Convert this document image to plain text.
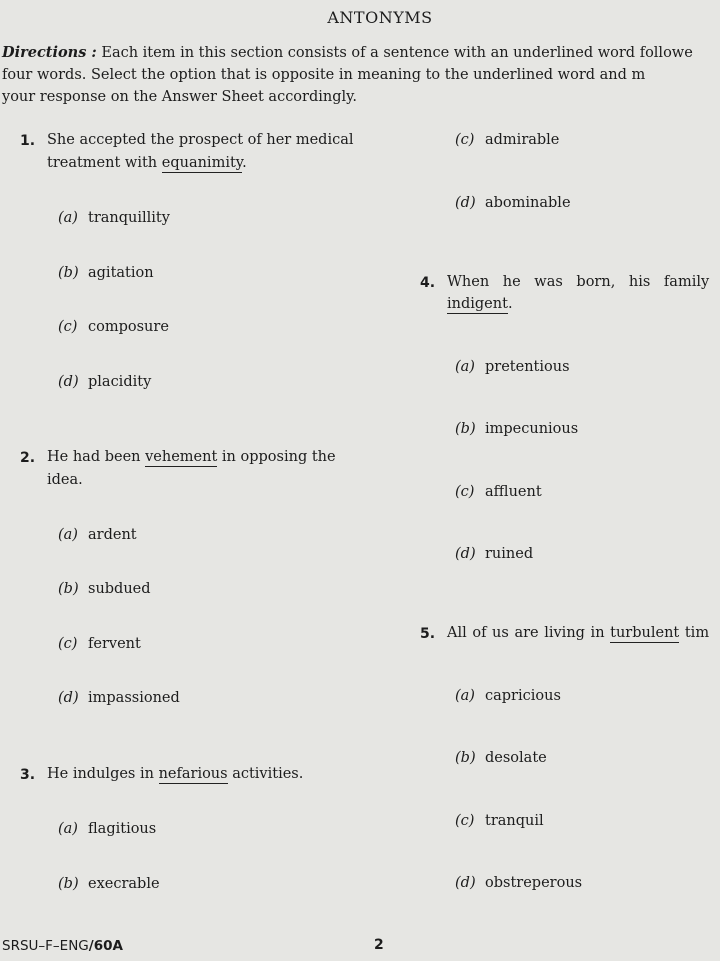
ANTONYMS
Directions : Each item in this section consists of a sentence with an underlined word followe
four words. Select the option that is opposite in meaning to the underlined word and m
your response on the Answer Sheet accordingly.
1. She accepted the prospect of her medical
treatment with equanimity.
(a) tranquillity
(b) agitation
(c) composure
(d) placidity
2. He had been vehement in opposing the
idea.
(a) ardent
(b) subdued
(c) fervent
(d) impassioned
3. He indulges in nefarious activities.
(a) flagitious
(b) execrable
(c) admirable
(d) abominable
4. When he was born, his family
indigent.
(a) pretentious
(b) impecunious
(c) affluent
(d) ruined
5. All of us are living in turbulent tim
(a) capricious
(b) desolate
(c) tranquil
(d) obstreperous
SRSU–F–ENG/60A	2
